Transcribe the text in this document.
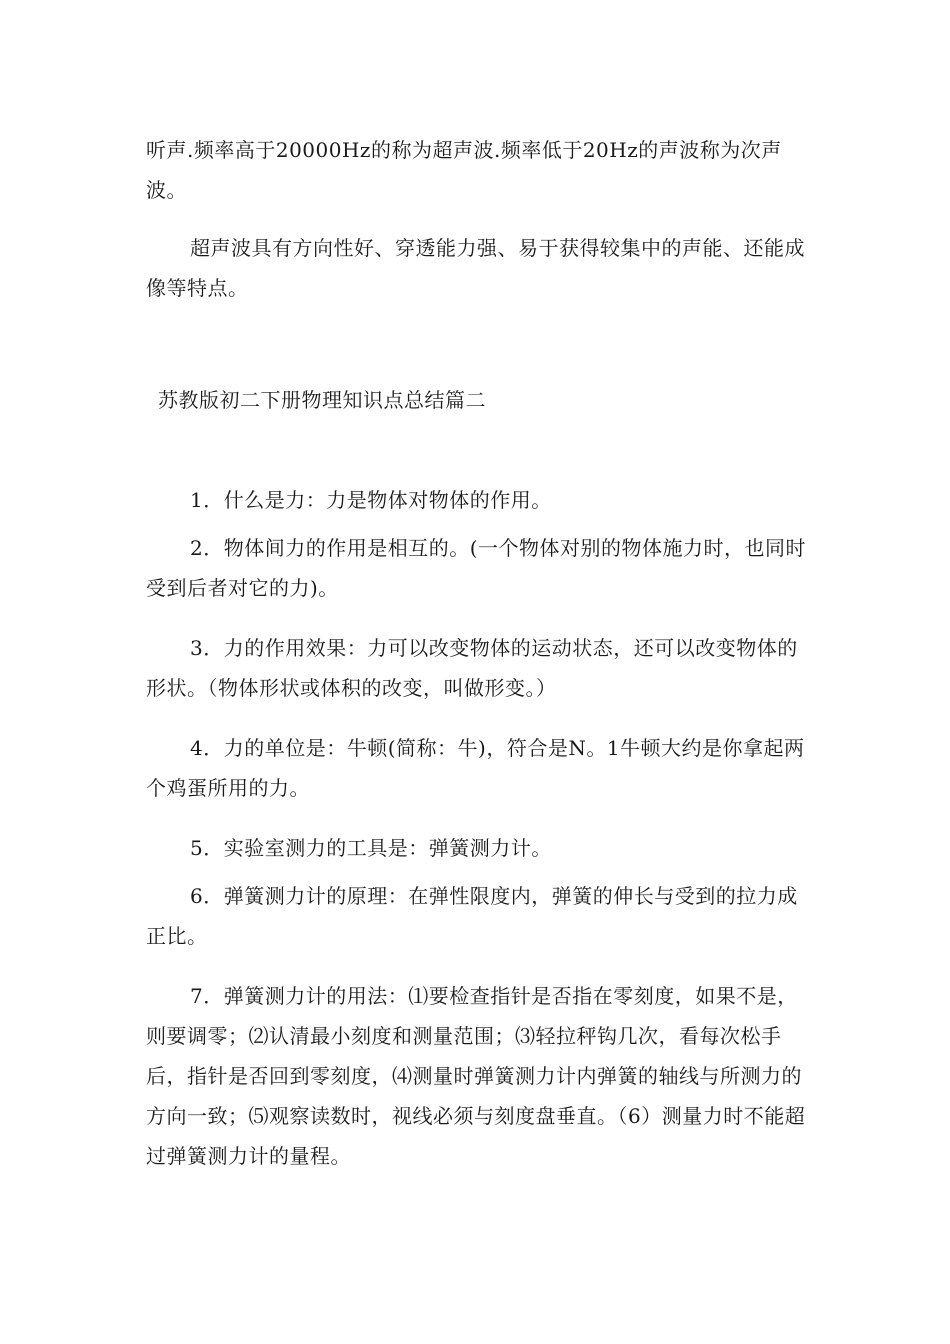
听声.频率高于20000Hz的称为超声波.频率低于20Hz的声波称为次声波。

超声波具有方向性好、穿透能力强、易于获得较集中的声能、还能成像等特点。

苏教版初二下册物理知识点总结篇二

1．什么是力：力是物体对物体的作用。

2．物体间力的作用是相互的。(一个物体对别的物体施力时，也同时受到后者对它的力)。

3．力的作用效果：力可以改变物体的运动状态，还可以改变物体的形状。（物体形状或体积的改变，叫做形变。）

4．力的单位是：牛顿(简称：牛)，符合是N。1牛顿大约是你拿起两个鸡蛋所用的力。

5．实验室测力的工具是：弹簧测力计。

6．弹簧测力计的原理：在弹性限度内，弹簧的伸长与受到的拉力成正比。

7．弹簧测力计的用法：⑴要检查指针是否指在零刻度，如果不是，则要调零；⑵认清最小刻度和测量范围；⑶轻拉秤钩几次，看每次松手后，指针是否回到零刻度，⑷测量时弹簧测力计内弹簧的轴线与所测力的方向一致；⑸观察读数时，视线必须与刻度盘垂直。（6）测量力时不能超过弹簧测力计的量程。
